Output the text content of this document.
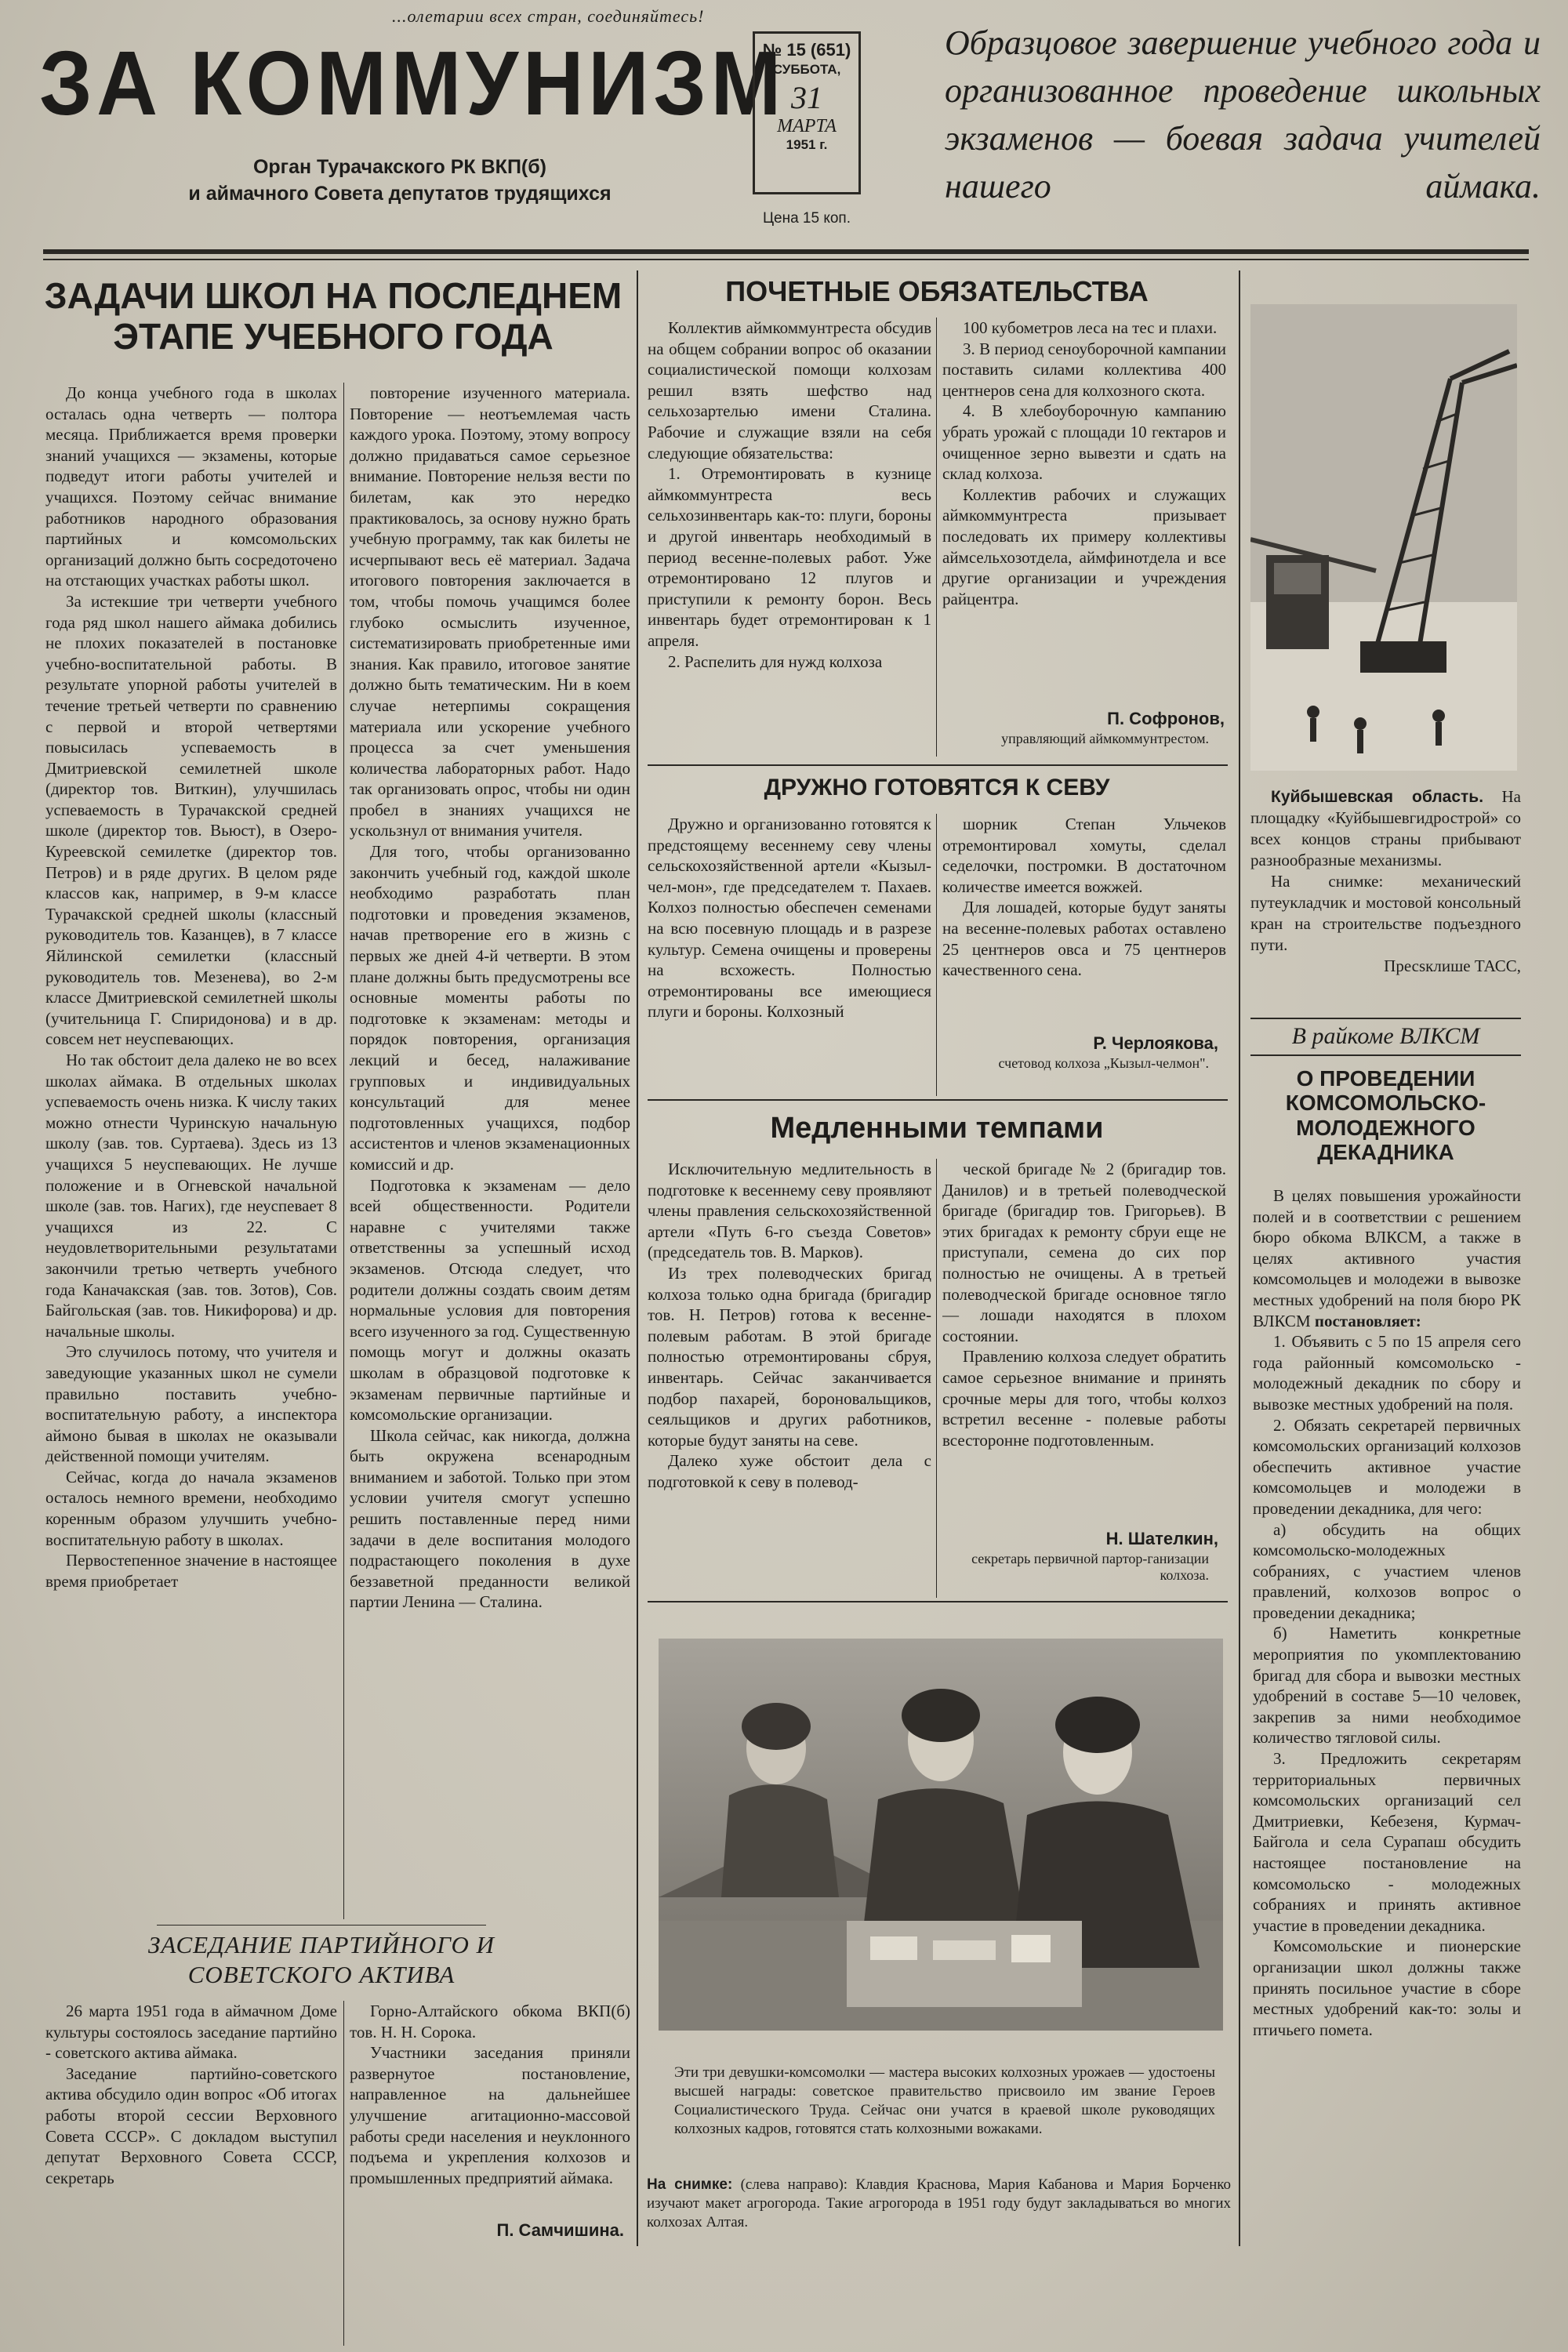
...олетарии всех стран, соединяйтесь!
ЗА КОММУНИЗМ
Орган Турачакского РК ВКП(б)
и аймачного Совета депутатов трудящихся
№ 15 (651)
СУББОТА,
31
МАРТА
1951 г.
Цена 15 коп.
Образцовое завершение учебного года и организованное проведение школьных экзаменов — боевая задача учителей нашего аймака.
ЗАДАЧИ ШКОЛ НА ПОСЛЕДНЕМ ЭТАПЕ УЧЕБНОГО ГОДА

До конца учебного года в школах осталась одна четверть — полтора месяца. Приближается время проверки знаний учащихся — экзамены, которые подведут итоги работы учителей и учащихся. Поэтому сейчас внимание работников народного образования партийных и комсомольских организаций должно быть сосредоточено на отстающих участках работы школ.

За истекшие три четверти учебного года ряд школ нашего аймака добились не плохих показателей в постановке учебно-воспитательной работы. В результате упорной работы учителей в течение третьей четверти по сравнению с первой и второй четвертями повысилась успеваемость в Дмитриевской семилетней школе (директор тов. Виткин), улучшилась успеваемость в Турачакской средней школе (директор тов. Вьюст), в Озеро-Куреевской семилетке (директор тов. Петров) и в ряде других. В целом ряде классов как, например, в 9-м классе Турачакской средней школы (классный руководитель тов. Казанцев), в 7 классе Яйлинской семилетки (классный руководитель тов. Мезенева), во 2-м классе Дмитриевской семилетней школы (учительница Г. Спиридонова) и в др. совсем нет неуспевающих.

Но так обстоит дела далеко не во всех школах аймака. В отдельных школах успеваемость очень низка. К числу таких можно отнести Чуринскую начальную школу (зав. тов. Суртаева). Здесь из 13 учащихся 5 неуспевающих. Не лучше положение и в Огневской начальной школе (зав. тов. Нагих), где неуспевает 8 учащихся из 22. С неудовлетворительными результатами закончили третью четверть учебного года Каначакская (зав. тов. Зотов), Сов. Байгольская (зав. тов. Никифорова) и др. начальные школы.

Это случилось потому, что учителя и заведующие указанных школ не сумели правильно поставить учебно-воспитательную работу, а инспектора аймоно бывая в школах не оказывали действенной помощи учителям.

Сейчас, когда до начала экзаменов осталось немного времени, необходимо коренным образом улучшить учебно-воспитательную работу в школах.

Первостепенное значение в настоящее время приобретает

повторение изученного материала. Повторение — неотъемлемая часть каждого урока. Поэтому, этому вопросу должно придаваться самое серьезное внимание. Повторение нельзя вести по билетам, как это нередко практиковалось, за основу нужно брать учебную программу, так как билеты не исчерпывают весь её материал. Задача итогового повторения заключается в том, чтобы помочь учащимся более глубоко осмыслить изученное, систематизировать приобретенные ими знания. Как правило, итоговое занятие должно быть тематическим. Ни в коем случае нетерпимы сокращения материала или ускорение учебного процесса за счет уменьшения количества лабораторных работ. Надо так организовать опрос, чтобы ни один пробел в знаниях учащихся не ускользнул от внимания учителя.

Для того, чтобы организованно закончить учебный год, каждой школе необходимо разработать план подготовки и проведения экзаменов, начав претворение его в жизнь с первых же дней 4-й четверти. В этом плане должны быть предусмотрены все основные моменты работы по подготовке к экзаменам: методы и порядок повторения, организация лекций и бесед, налаживание групповых и индивидуальных консультаций для менее подготовленных учащихся, подбор ассистентов и членов экзаменационных комиссий и др.

Подготовка к экзаменам — дело всей общественности. Родители наравне с учителями также ответственны за успешный исход экзаменов. Отсюда следует, что родители должны создать своим детям нормальные условия для повторения всего изученного за год. Существенную помощь могут и должны оказать школам в образцовой подготовке к экзаменам первичные партийные и комсомольские организации.

Школа сейчас, как никогда, должна быть окружена всенародным вниманием и заботой. Только при этом условии учителя смогут успешно решить поставленные перед ними задачи в деле воспитания молодого подрастающего поколения в духе беззаветной преданности великой партии Ленина — Сталина.

ЗАСЕДАНИЕ ПАРТИЙНОГО И СОВЕТСКОГО АКТИВА

26 марта 1951 года в аймачном Доме культуры состоялось заседание партийно - советского актива аймака.

Заседание партийно-советского актива обсудило один вопрос «Об итогах работы второй сессии Верховного Совета СССР». С докладом выступил депутат Верховного Совета СССР, секретарь

Горно-Алтайского обкома ВКП(б) тов. Н. Н. Сорока.

Участники заседания приняли развернутое постановление, направленное на дальнейшее улучшение агитационно-массовой работы среди населения и неуклонного подъема и укрепления колхозов и промышленных предприятий аймака.

П. Самчишина.
ПОЧЕТНЫЕ ОБЯЗАТЕЛЬСТВА

Коллектив аймкоммунтреста обсудив на общем собрании вопрос об оказании социалистической помощи колхозам решил взять шефство над сельхозартелью имени Сталина. Рабочие и служащие взяли на себя следующие обязательства:

1. Отремонтировать в кузнице аймкоммунтреста весь сельхозинвентарь как-то: плуги, бороны и другой инвентарь необходимый в период весенне-полевых работ. Уже отремонтировано 12 плугов и приступили к ремонту борон. Весь инвентарь будет отремонтирован к 1 апреля.

2. Распелить для нужд колхоза

100 кубометров леса на тес и плахи.

3. В период сеноуборочной кампании поставить силами коллектива 400 центнеров сена для колхозного скота.

4. В хлебоуборочную кампанию убрать урожай с площади 10 гектаров и очищенное зерно вывезти и сдать на склад колхоза.

Коллектив рабочих и служащих аймкоммунтреста призывает последовать их примеру коллективы аймсельхозотдела, аймфинотдела и все другие организации и учреждения райцентра.

П. Софронов,
управляющий аймкоммунтрестом.
ДРУЖНО ГОТОВЯТСЯ К СЕВУ

Дружно и организованно готовятся к предстоящему весеннему севу члены сельскохозяйственной артели «Кызыл-чел-мон», где председателем т. Пахаев. Колхоз полностью обеспечен семенами на всю посевную площадь и в разрезе культур. Семена очищены и проверены на всхожесть. Полностью отремонтированы все имеющиеся плуги и бороны. Колхозный

шорник Степан Ульчеков отремонтировал хомуты, сделал седелочки, постромки. В достаточном количестве имеется вожжей.

Для лошадей, которые будут заняты на весенне-полевых работах оставлено 25 центнеров овса и 75 центнеров качественного сена.

Р. Черлоякова,
счетовод колхоза „Кызыл-челмон".
Медленными темпами

Исключительную медлительность в подготовке к весеннему севу проявляют члены правления сельскохозяйственной артели «Путь 6-го съезда Советов» (председатель тов. В. Марков).

Из трех полеводческих бригад колхоза только одна бригада (бригадир тов. Н. Петров) готова к весенне-полевым работам. В этой бригаде полностью отремонтированы сбруя, инвентарь. Сейчас заканчивается подбор пахарей, бороновальщиков, сеяльщиков и других работников, которые будут заняты на севе.

Далеко хуже обстоит дела с подготовкой к севу в полевод-

ческой бригаде № 2 (бригадир тов. Данилов) и в третьей полеводческой бригаде (бригадир тов. Григорьев). В этих бригадах к ремонту сбруи еще не приступали, семена до сих пор полностью не очищены. А в третьей полеводческой бригаде основное тягло — лошади находятся в плохом состоянии.

Правлению колхоза следует обратить самое серьезное внимание и принять срочные меры для того, чтобы колхоз встретил весенне - полевые работы всесторонне подготовленным.

Н. Шателкин,
секретарь первичной партор-ганизации колхоза.
Эти три девушки-комсомолки — мастера высоких колхозных урожаев — удостоены высшей награды: советское правительство присвоило им звание Героев Социалистического Труда. Сейчас они учатся в краевой школе руководящих колхозных кадров, готовятся стать колхозными вожаками.
На снимке: (слева направо): Клавдия Краснова, Мария Кабанова и Мария Борченко изучают макет агрогорода. Такие агрогорода в 1951 году будут закладываться во многих колхозах Алтая.

Куйбышевская область. На площадку «Куйбышевгидрострой» со всех концов страны прибывают разнообразные механизмы.

На снимке: механический путеукладчик и мостовой консольный кран на строительстве подъездного пути.

Пресsклише ТАСС,

В райкоме ВЛКСМ
О ПРОВЕДЕНИИ КОМСОМОЛЬСКО-МОЛОДЕЖНОГО ДЕКАДНИКА

В целях повышения урожайности полей и в соответствии с решением бюро обкома ВЛКСМ, а также в целях активного участия комсомольцев и молодежи в вывозке местных удобрений на поля бюро РК ВЛКСМ постановляет:

1. Объявить с 5 по 15 апреля сего года районный комсомольско - молодежный декадник по сбору и вывозке местных удобрений на поля.

2. Обязать секретарей первичных комсомольских организаций колхозов обеспечить активное участие комсомольцев и молодежи в проведении декадника, для чего:

а) обсудить на общих комсомольско-молодежных собраниях, с участием членов правлений, колхозов вопрос о проведении декадника;

б) Наметить конкретные мероприятия по укомплектованию бригад для сбора и вывозки местных удобрений в составе 5—10 человек, закрепив за ними необходимое количество тягловой силы.

3. Предложить секретарям территориальных первичных комсомольских организаций сел Дмитриевки, Кебезеня, Курмач-Байгола и села Сурапаш обсудить настоящее постановление на комсомольско - молодежных собраниях и принять активное участие в проведении декадника.

Комсомольские и пионерские организации школ должны также принять посильное участие в сборе местных удобрений как-то: золы и птичьего помета.
